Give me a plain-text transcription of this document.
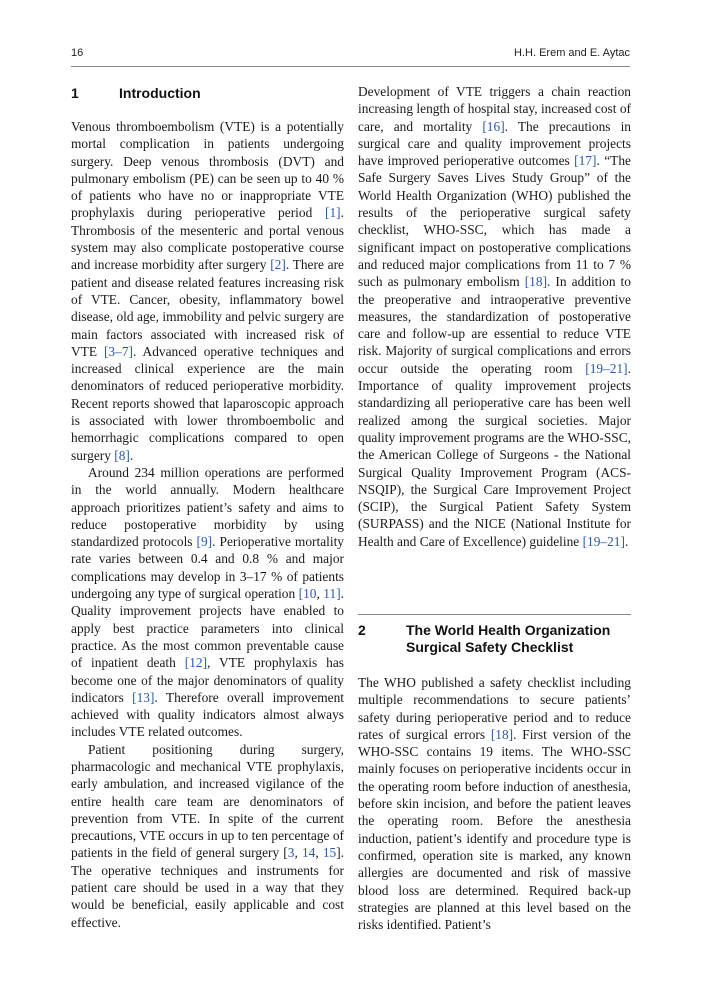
16	H.H. Erem and E. Aytac
1	Introduction

Venous thromboembolism (VTE) is a potentially mortal complication in patients undergoing surgery. Deep venous thrombosis (DVT) and pulmonary embolism (PE) can be seen up to 40 % of patients who have no or inappropriate VTE prophylaxis during perioperative period [1]. Thrombosis of the mesenteric and portal venous system may also complicate postoperative course and increase morbidity after surgery [2]. There are patient and disease related features increasing risk of VTE. Cancer, obesity, inflammatory bowel disease, old age, immobility and pelvic surgery are main factors associated with increased risk of VTE [3–7]. Advanced operative techniques and increased clinical experience are the main denominators of reduced perioperative morbidity. Recent reports showed that laparoscopic approach is associated with lower thromboembolic and hemorrhagic complications compared to open surgery [8].

Around 234 million operations are performed in the world annually. Modern healthcare approach prioritizes patient’s safety and aims to reduce postoperative morbidity by using standardized protocols [9]. Perioperative mortality rate varies between 0.4 and 0.8 % and major complications may develop in 3–17 % of patients undergoing any type of surgical operation [10, 11]. Quality improvement projects have enabled to apply best practice parameters into clinical practice. As the most common preventable cause of inpatient death [12], VTE prophylaxis has become one of the major denominators of quality indicators [13]. Therefore overall improvement achieved with quality indicators almost always includes VTE related outcomes.

Patient positioning during surgery, pharmacologic and mechanical VTE prophylaxis, early ambulation, and increased vigilance of the entire health care team are denominators of prevention from VTE. In spite of the current precautions, VTE occurs in up to ten percentage of patients in the field of general surgery [3, 14, 15]. The operative techniques and instruments for patient care should be used in a way that they would be beneficial, easily applicable and cost effective.

Development of VTE triggers a chain reaction increasing length of hospital stay, increased cost of care, and mortality [16]. The precautions in surgical care and quality improvement projects have improved perioperative outcomes [17]. “The Safe Surgery Saves Lives Study Group” of the World Health Organization (WHO) published the results of the perioperative surgical safety checklist, WHO-SSC, which has made a significant impact on postoperative complications and reduced major complications from 11 to 7 % such as pulmonary embolism [18]. In addition to the preoperative and intraoperative preventive measures, the standardization of postoperative care and follow-up are essential to reduce VTE risk. Majority of surgical complications and errors occur outside the operating room [19–21]. Importance of quality improvement projects standardizing all perioperative care has been well realized among the surgical societies. Major quality improvement programs are the WHO-SSC, the American College of Surgeons - the National Surgical Quality Improvement Program (ACS-NSQIP), the Surgical Care Improvement Project (SCIP), the Surgical Patient Safety System (SURPASS) and the NICE (National Institute for Health and Care of Excellence) guideline [19–21].

2	The World Health Organization
Surgical Safety Checklist

The WHO published a safety checklist including multiple recommendations to secure patients’ safety during perioperative period and to reduce rates of surgical errors [18]. First version of the WHO-SSC contains 19 items. The WHO-SSC mainly focuses on perioperative incidents occur in the operating room before induction of anesthesia, before skin incision, and before the patient leaves the operating room. Before the anesthesia induction, patient’s identify and procedure type is confirmed, operation site is marked, any known allergies are documented and risk of massive blood loss are determined. Required back-up strategies are planned at this level based on the risks identified. Patient’s
